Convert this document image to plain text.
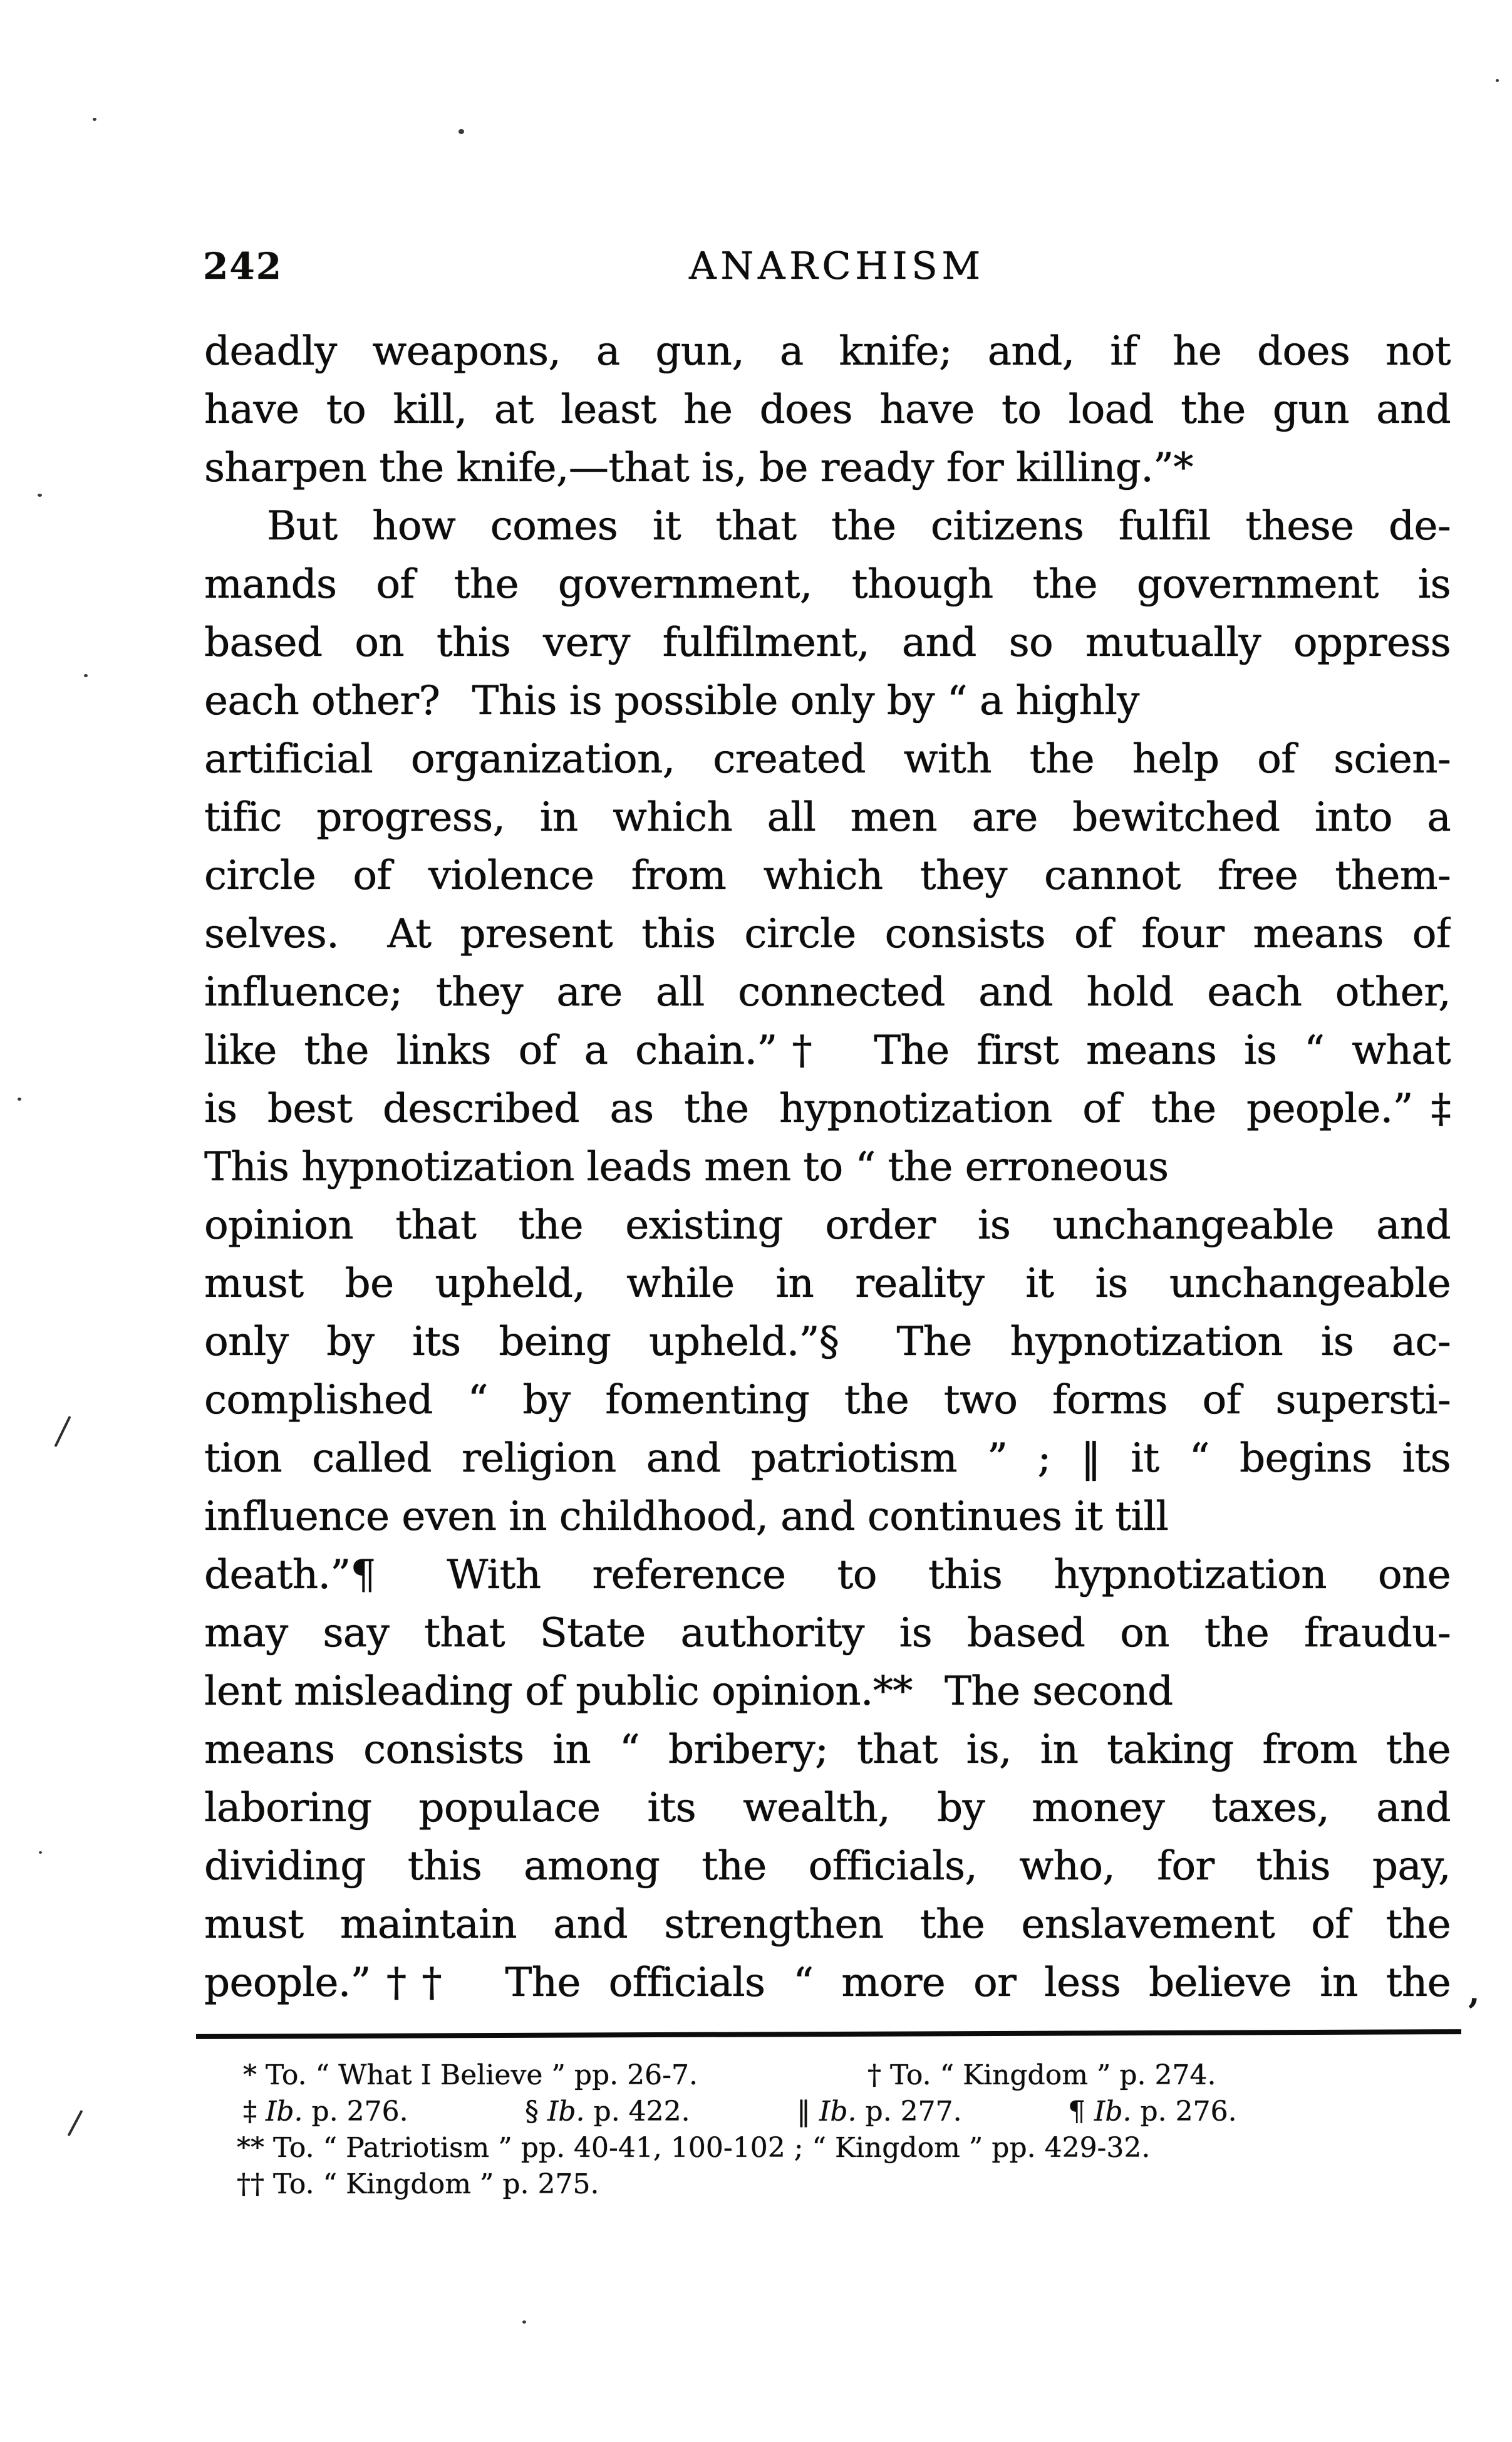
242	ANARCHISM
deadly weapons, a gun, a knife; and, if he does not
have to kill, at least he does have to load the gun and
sharpen the knife,—that is, be ready for killing.”*
But how comes it that the citizens fulfil these de-
mands of the government, though the government is
based on this very fulfilment, and so mutually oppress
each other?  This is possible only by “ a highly
artificial organization, created with the help of scien-
tific progress, in which all men are bewitched into a
circle of violence from which they cannot free them-
selves.  At present this circle consists of four means of
influence; they are all connected and hold each other,
like the links of a chain.”†  The first means is “ what
is best described as the hypnotization of the people.”‡
This hypnotization leads men to “ the erroneous
opinion that the existing order is unchangeable and
must be upheld, while in reality it is unchangeable
only by its being upheld.”§  The hypnotization is ac-
complished “ by fomenting the two forms of supersti-
tion called religion and patriotism ” ; ‖ it “ begins its
influence even in childhood, and continues it till
death.”¶  With reference to this hypnotization one
may say that State authority is based on the fraudu-
lent misleading of public opinion.**  The second
means consists in “ bribery; that is, in taking from the
laboring populace its wealth, by money taxes, and
dividing this among the officials, who, for this pay,
must maintain and strengthen the enslavement of the
people.”††  The officials “ more or less believe in the
’
* To. “ What I Believe ” pp. 26-7.	† To. “ Kingdom ” p. 274.
‡ Ib. p. 276.	§ Ib. p. 422.	‖ Ib. p. 277.	¶ Ib. p. 276.
** To. “ Patriotism ” pp. 40-41, 100-102 ; “ Kingdom ” pp. 429-32.
†† To. “ Kingdom ” p. 275.
